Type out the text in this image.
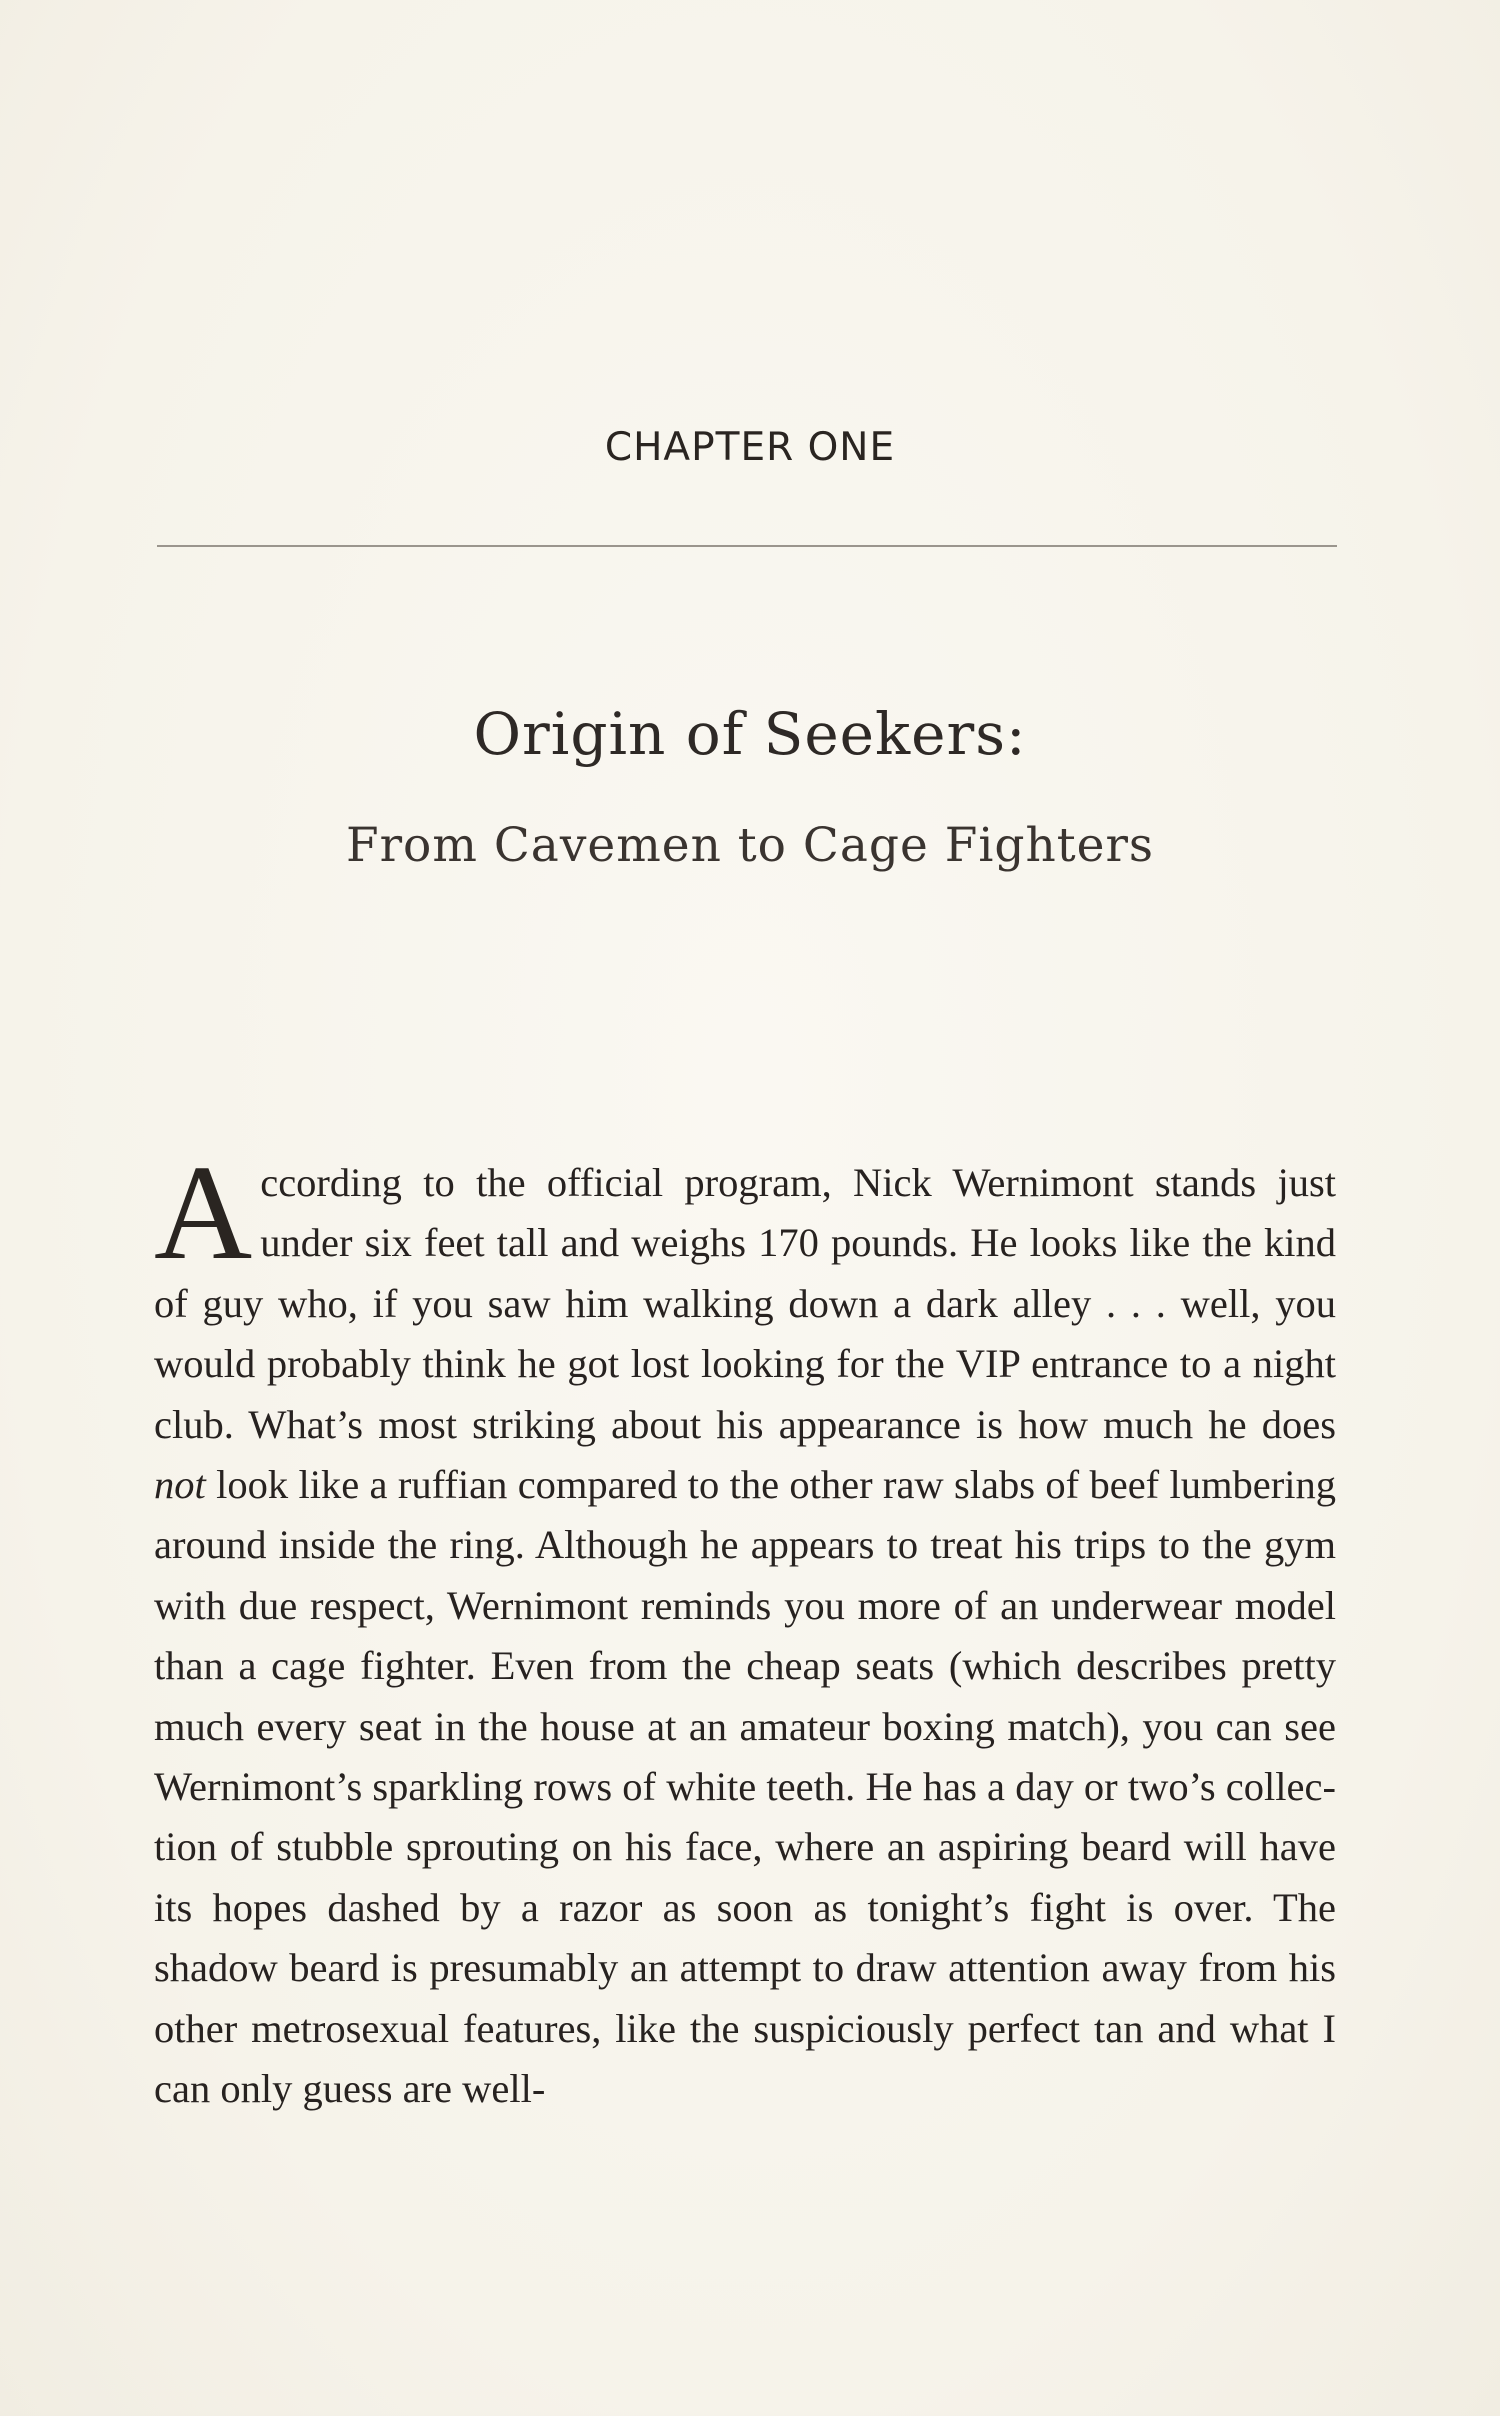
CHAPTER ONE
Origin of Seekers:
From Cavemen to Cage Fighters

According to the official program, Nick Wernimont stands just under six feet tall and weighs 170 pounds. He looks like the kind of guy who, if you saw him walking down a dark alley . . . well, you would probably think he got lost looking for the VIP entrance to a night club. What’s most striking about his appearance is how much he does not look like a ruffian compared to the other raw slabs of beef lumbering around inside the ring. Although he appears to treat his trips to the gym with due respect, Wernimont reminds you more of an underwear model than a cage fighter. Even from the cheap seats (which describes pretty much every seat in the house at an amateur boxing match), you can see Wernimont’s sparkling rows of white teeth. He has a day or two’s collection of stubble sprouting on his face, where an aspiring beard will have its hopes dashed by a razor as soon as tonight’s fight is over. The shadow beard is presumably an attempt to draw attention away from his other metrosexual features, like the suspiciously perfect tan and what I can only guess are well-
